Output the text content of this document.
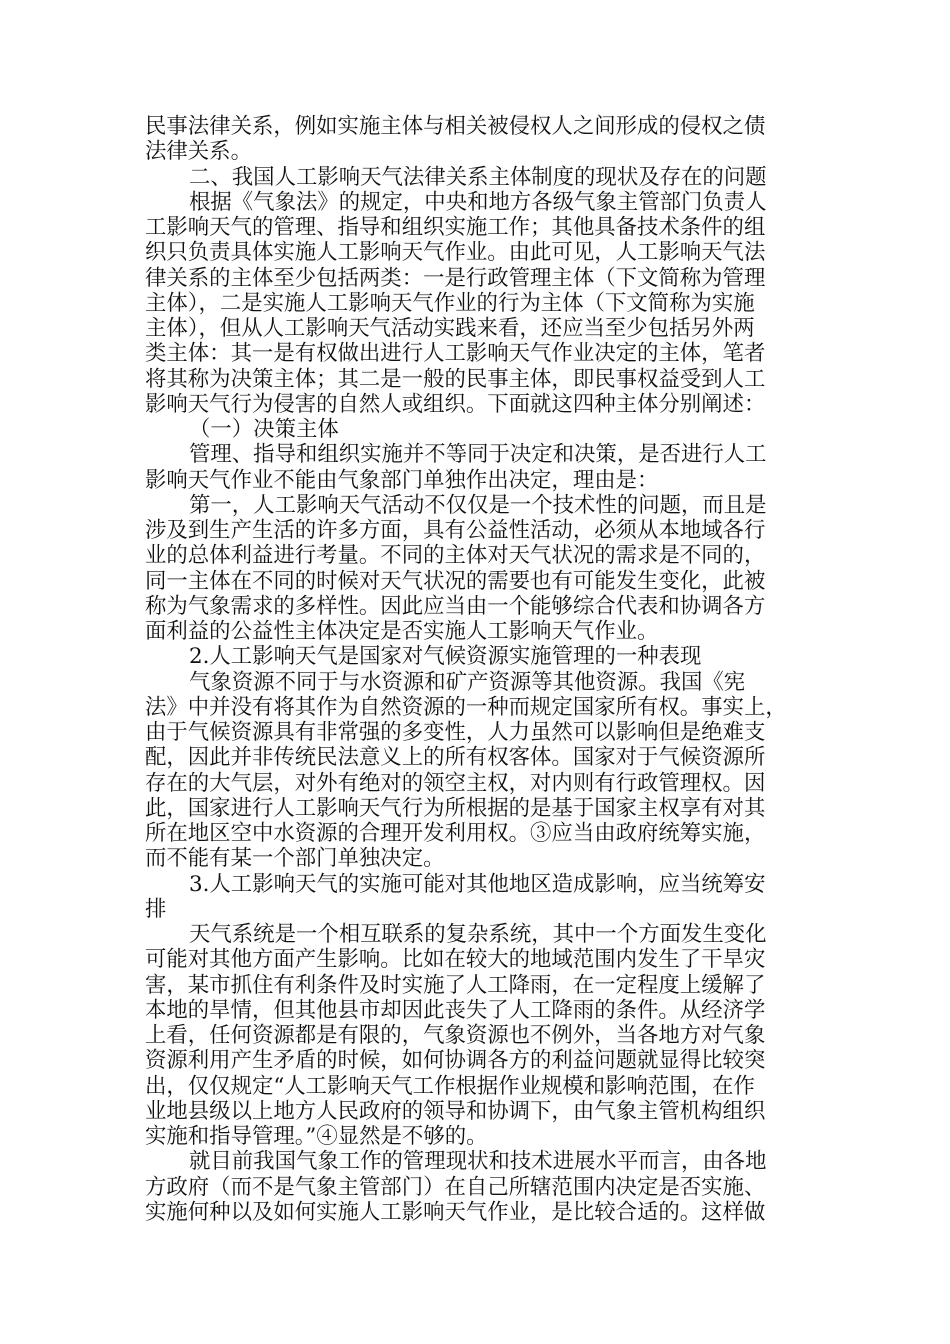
民事法律关系，例如实施主体与相关被侵权人之间形成的侵权之债
法律关系。
二、我国人工影响天气法律关系主体制度的现状及存在的问题
根据《气象法》的规定，中央和地方各级气象主管部门负责人
工影响天气的管理、指导和组织实施工作；其他具备技术条件的组
织只负责具体实施人工影响天气作业。由此可见，人工影响天气法
律关系的主体至少包括两类：一是行政管理主体（下文简称为管理
主体），二是实施人工影响天气作业的行为主体（下文简称为实施
主体），但从人工影响天气活动实践来看，还应当至少包括另外两
类主体：其一是有权做出进行人工影响天气作业决定的主体，笔者
将其称为决策主体；其二是一般的民事主体，即民事权益受到人工
影响天气行为侵害的自然人或组织。下面就这四种主体分别阐述：
（一）决策主体
管理、指导和组织实施并不等同于决定和决策，是否进行人工
影响天气作业不能由气象部门单独作出决定，理由是：
第一，人工影响天气活动不仅仅是一个技术性的问题，而且是
涉及到生产生活的许多方面，具有公益性活动，必须从本地域各行
业的总体利益进行考量。不同的主体对天气状况的需求是不同的，
同一主体在不同的时候对天气状况的需要也有可能发生变化，此被
称为气象需求的多样性。因此应当由一个能够综合代表和协调各方
面利益的公益性主体决定是否实施人工影响天气作业。
2.人工影响天气是国家对气候资源实施管理的一种表现
气象资源不同于与水资源和矿产资源等其他资源。我国《宪
法》中并没有将其作为自然资源的一种而规定国家所有权。事实上，
由于气候资源具有非常强的多变性，人力虽然可以影响但是绝难支
配，因此并非传统民法意义上的所有权客体。国家对于气候资源所
存在的大气层，对外有绝对的领空主权，对内则有行政管理权。因
此，国家进行人工影响天气行为所根据的是基于国家主权享有对其
所在地区空中水资源的合理开发利用权。③应当由政府统筹实施，
而不能有某一个部门单独决定。
3.人工影响天气的实施可能对其他地区造成影响，应当统筹安
排
天气系统是一个相互联系的复杂系统，其中一个方面发生变化
可能对其他方面产生影响。比如在较大的地域范围内发生了干旱灾
害，某市抓住有利条件及时实施了人工降雨，在一定程度上缓解了
本地的旱情，但其他县市却因此丧失了人工降雨的条件。从经济学
上看，任何资源都是有限的，气象资源也不例外，当各地方对气象
资源利用产生矛盾的时候，如何协调各方的利益问题就显得比较突
出，仅仅规定“人工影响天气工作根据作业规模和影响范围，在作
业地县级以上地方人民政府的领导和协调下，由气象主管机构组织
实施和指导管理。”④显然是不够的。
就目前我国气象工作的管理现状和技术进展水平而言，由各地
方政府（而不是气象主管部门）在自己所辖范围内决定是否实施、
实施何种以及如何实施人工影响天气作业，是比较合适的。这样做
